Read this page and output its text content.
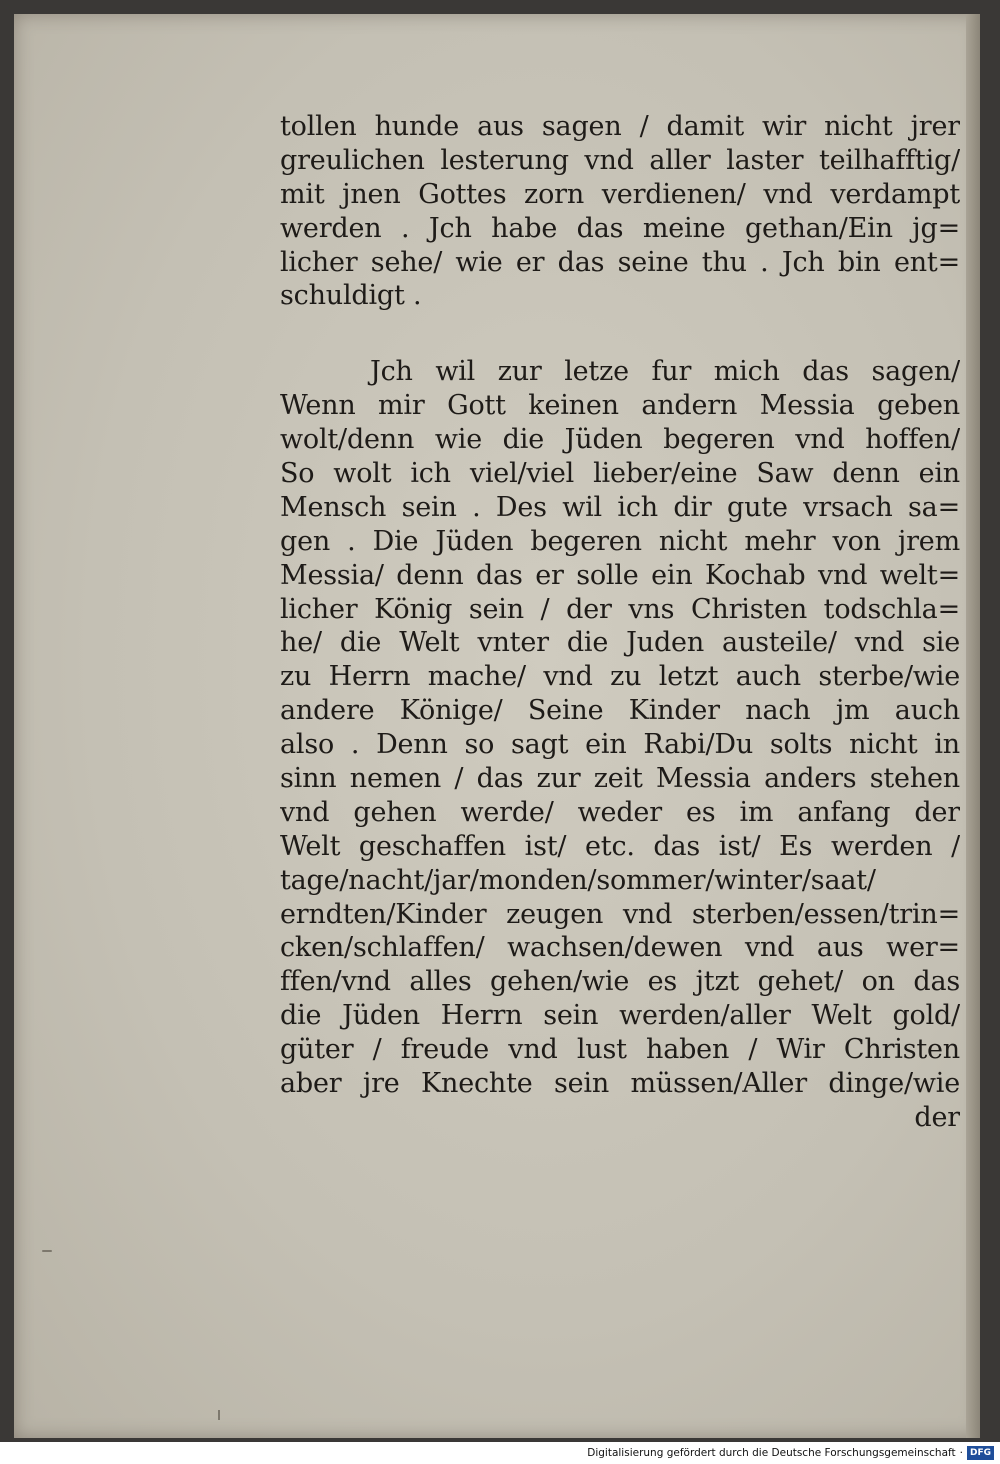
tollen hunde aus sagen / damit wir nicht jrer
greulichen lesterung vnd aller laster teilhafftig/
mit jnen Gottes zorn verdienen/ vnd verdampt
werden . Jch habe das meine gethan/Ein jg=
licher sehe/ wie er das seine thu . Jch bin ent=
schuldigt .
Jch wil zur letze fur mich das sagen/
Wenn mir Gott keinen andern Messia geben
wolt/denn wie die Jüden begeren vnd hoffen/
So wolt ich viel/viel lieber/eine Saw denn ein
Mensch sein . Des wil ich dir gute vrsach sa=
gen . Die Jüden begeren nicht mehr von jrem
Messia/ denn das er solle ein Kochab vnd welt=
licher König sein / der vns Christen todschla=
he/ die Welt vnter die Juden austeile/ vnd sie
zu Herrn mache/ vnd zu letzt auch sterbe/wie
andere Könige/ Seine Kinder nach jm auch
also . Denn so sagt ein Rabi/Du solts nicht in
sinn nemen / das zur zeit Messia anders stehen
vnd gehen werde/ weder es im anfang der
Welt geschaffen ist/ etc. das ist/ Es werden /
tage/nacht/jar/monden/sommer/winter/saat/
erndten/Kinder zeugen vnd sterben/essen/trin=
cken/schlaffen/ wachsen/dewen vnd aus wer=
ffen/vnd alles gehen/wie es jtzt gehet/ on das
die Jüden Herrn sein werden/aller Welt gold/
güter / freude vnd lust haben / Wir Christen
aber jre Knechte sein müssen/Aller dinge/wie
der
Digitalisierung gefördert durch die Deutsche Forschungsgemeinschaft · DFG
